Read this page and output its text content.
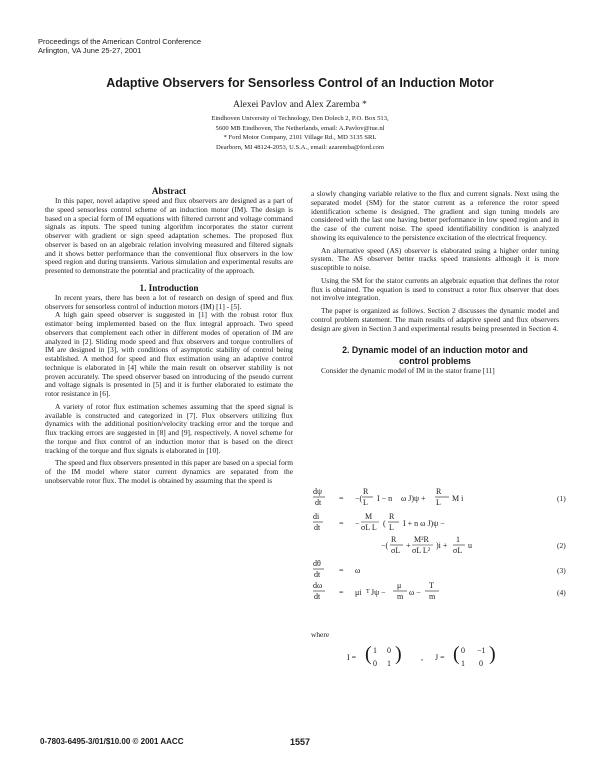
Proceedings of the American Control Conference
Arlington, VA June 25-27, 2001
Adaptive Observers for Sensorless Control of an Induction Motor
Alexei Pavlov and Alex Zaremba *
Eindhoven University of Technology, Den Dolech 2, P.O. Box 513,
5600 MB Eindhoven, The Netherlands, email: A.Pavlov@tue.nl
* Ford Motor Company, 2101 Village Rd., MD 3135 SRL
Dearborn, MI 48124-2053, U.S.A., email: azaremba@ford.com
Abstract

In this paper, novel adaptive speed and flux observers are designed as a part of the speed sensorless control scheme of an induction motor (IM). The design is based on a special form of IM equations with filtered current and voltage command signals as inputs. The speed tuning algorithm incorporates the stator current observer with gradient or sign speed adaptation schemes. The proposed flux observer is based on an algebraic relation involving measured and filtered signals and it shows better performance than the conventional flux observers in the low speed region and during transients. Various simulation and experimental results are presented to demonstrate the potential and practicality of the approach.

1. Introduction

In recent years, there has been a lot of research on design of speed and flux observers for sensorless control of induction motors (IM) [1] - [5].

A high gain speed observer is suggested in [1] with the robust rotor flux estimator being implemented based on the flux integral approach. Two speed observers that complement each other in different modes of operation of IM are analyzed in [2]. Sliding mode speed and flux observers and torque controllers of IM are designed in [3], with conditions of asymptotic stability of control being established. A method for speed and flux estimation using an adaptive control technique is elaborated in [4] while the main result on observer stability is not proven accurately. The speed observer based on introducing of the pseudo current and voltage signals is presented in [5] and it is further elaborated to estimate the rotor resistance in [6].

A variety of rotor flux estimation schemes assuming that the speed signal is available is constructed and categorized in [7]. Flux observers utilizing flux dynamics with the additional position/velocity tracking error and the torque and flux tracking errors are suggested in [8] and [9], respectively. A novel scheme for the torque and flux control of an induction motor that is based on the direct tracking of the torque and flux signals is elaborated in [10].

The speed and flux observers presented in this paper are based on a special form of the IM model where stator current dynamics are separated from the unobservable rotor flux. The model is obtained by assuming that the speed is

a slowly changing variable relative to the flux and current signals. Next using the separated model (SM) for the stator current as a reference the rotor speed identification scheme is designed. The gradient and sign tuning models are considered with the last one having better performance in low speed region and in the case of the current noise. The speed identifiability condition is analyzed showing its equivalence to the persistence excitation of the electrical frequency.

An alternative speed (AS) observer is elaborated using a higher order tuning system. The AS observer better tracks speed transients although it is more susceptible to noise.

Using the SM for the stator currents an algebraic equation that defines the rotor flux is obtained. The equation is used to construct a rotor flux observer that does not involve integration.

The paper is organized as follows. Section 2 discusses the dynamic model and control problem statement. The main results of adaptive speed and flux observers design are given in Section 3 and experimental results being presented in Section 4.

2. Dynamic model of an induction motor and
control problems

Consider the dynamic model of IM in the stator frame [11]

dψ
dt = −(
R
L I − n ω J)ψ +
R
L M i
di
dt = −
M
σL L (
R
L I + n ω J)ψ −
−(
R
σL
+
M²R
σL L²
)i +
1
σL
u
dθ
dt = ω
dω
dt = μi T Jψ −
μ
m ω −
T
m
I = ( 1 0
0 1 ) , J = ( 0 −1
1 0 )
(1)
(2)
(3)
(4)
where
0-7803-6495-3/01/$10.00 © 2001 AACC	1557
